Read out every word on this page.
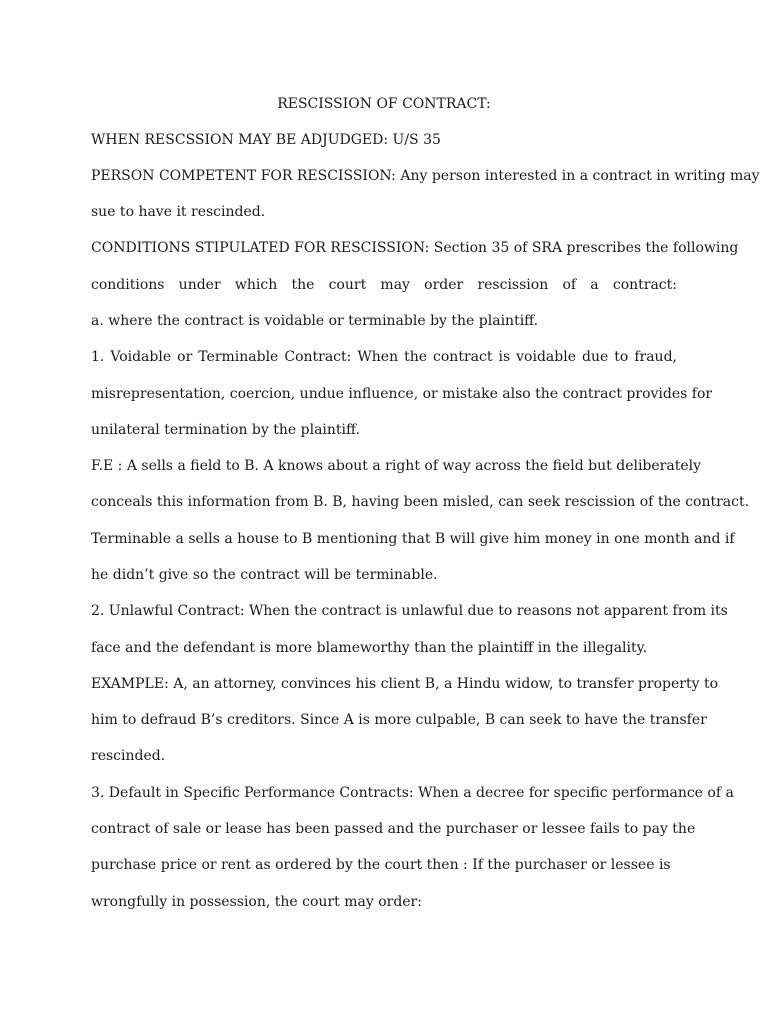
RESCISSION OF CONTRACT:
WHEN RESCSSION MAY BE ADJUDGED: U/S 35
PERSON COMPETENT FOR RESCISSION: Any person interested in a contract in writing may
sue to have it rescinded.
CONDITIONS STIPULATED FOR RESCISSION: Section 35 of SRA prescribes the following
conditions under which the court may order rescission of a contract:
a. where the contract is voidable or terminable by the plaintiff.
1. Voidable or Terminable Contract: When the contract is voidable due to fraud,
misrepresentation, coercion, undue influence, or mistake also the contract provides for
unilateral termination by the plaintiff.
F.E : A sells a field to B. A knows about a right of way across the field but deliberately
conceals this information from B. B, having been misled, can seek rescission of the contract.
Terminable a sells a house to B mentioning that B will give him money in one month and if
he didn’t give so the contract will be terminable.
2. Unlawful Contract: When the contract is unlawful due to reasons not apparent from its
face and the defendant is more blameworthy than the plaintiff in the illegality.
EXAMPLE: A, an attorney, convinces his client B, a Hindu widow, to transfer property to
him to defraud B’s creditors. Since A is more culpable, B can seek to have the transfer
rescinded.
3. Default in Specific Performance Contracts: When a decree for specific performance of a
contract of sale or lease has been passed and the purchaser or lessee fails to pay the
purchase price or rent as ordered by the court then : If the purchaser or lessee is
wrongfully in possession, the court may order:
